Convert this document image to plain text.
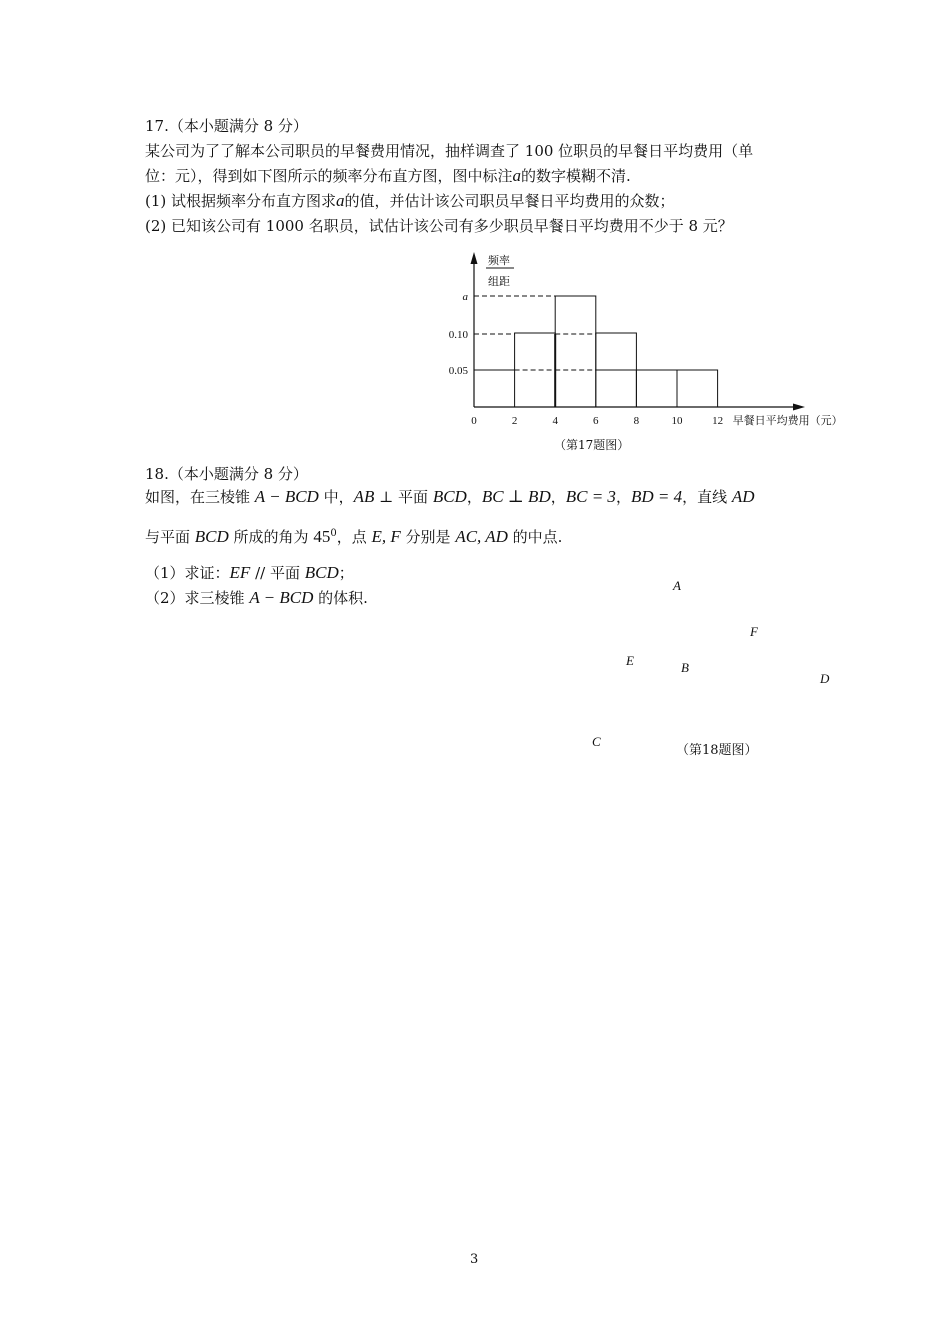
17.（本小题满分 8 分）
某公司为了了解本公司职员的早餐费用情况，抽样调查了 100 位职员的早餐日平均费用（单
位：元），得到如下图所示的频率分布直方图，图中标注a的数字模糊不清.
(1) 试根据频率分布直方图求a的值，并估计该公司职员早餐日平均费用的众数；
(2) 已知该公司有 1000 名职员，试估计该公司有多少职员早餐日平均费用不少于 8 元？
频率
组距
0.05
0.10
a
0	2	4	6	8	10	12 早餐日平均费用（元）
（第17题图）
18.（本小题满分 8 分）
如图，在三棱锥 A − BCD 中，AB ⊥ 平面 BCD，BC ⊥ BD，BC = 3，BD = 4，直线 AD
与平面 BCD 所成的角为 $45^0$，点 E, F 分别是 AC, AD 的中点.
（1）求证：EF // 平面 BCD；
（2）求三棱锥 A − BCD 的体积.
A
F
E	B
D
C
（第18题图）
3
